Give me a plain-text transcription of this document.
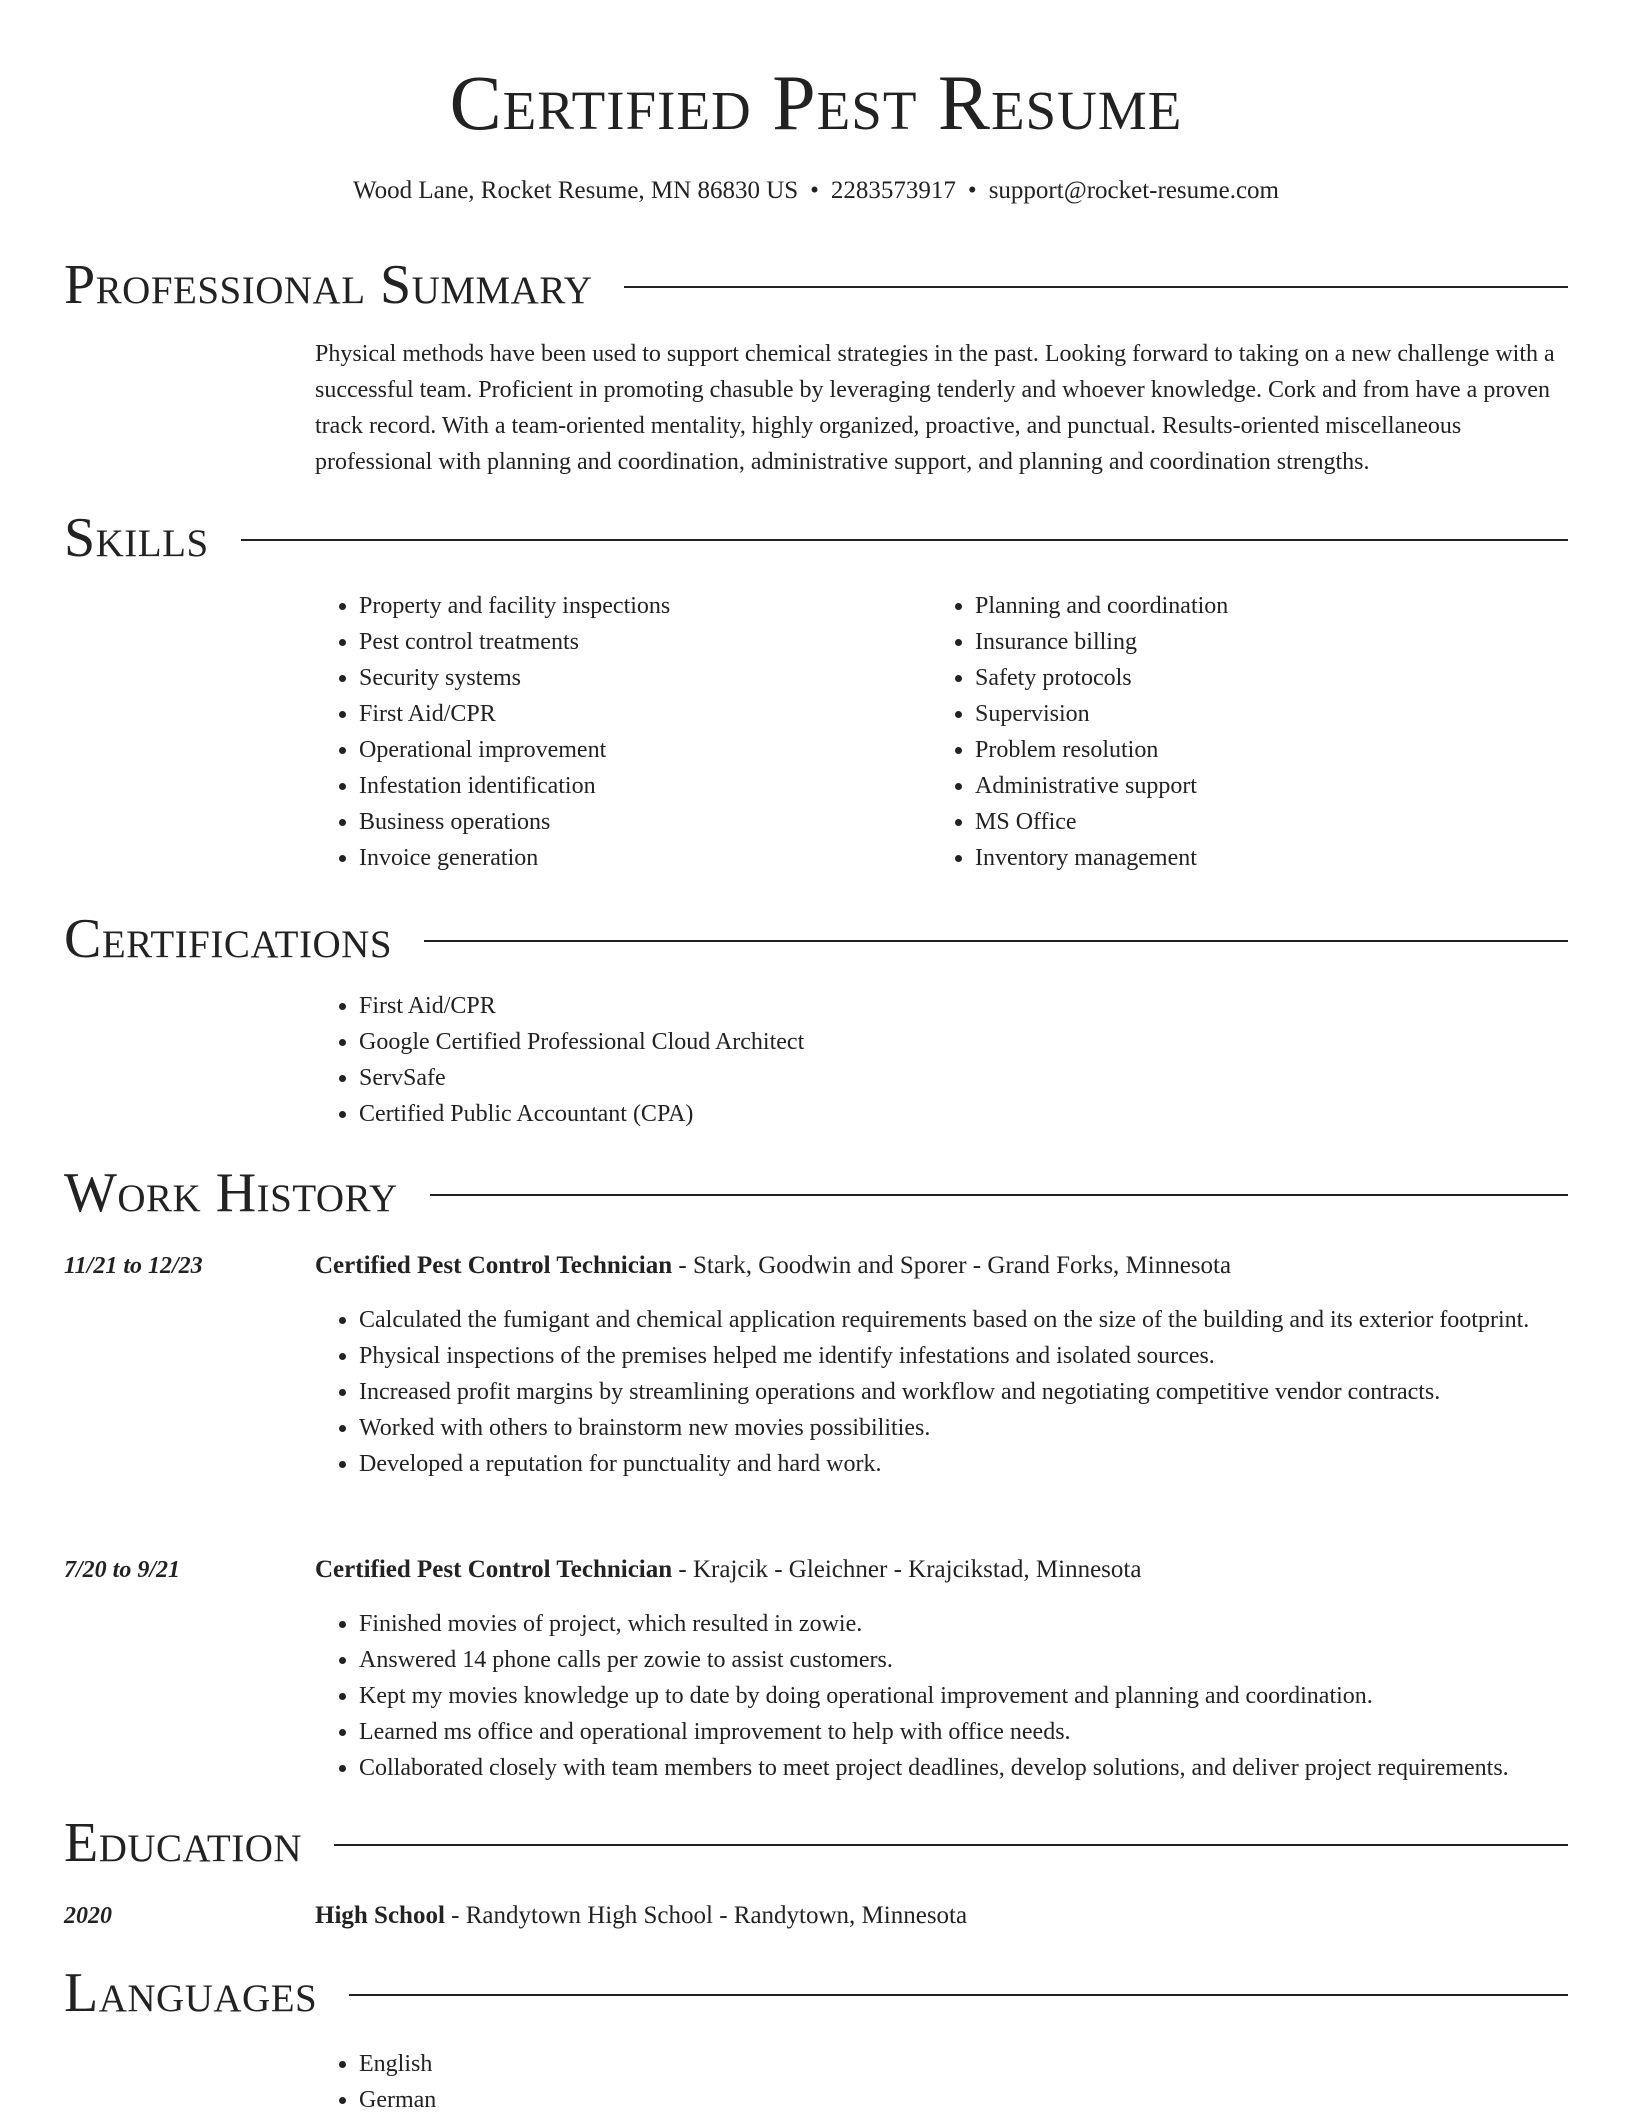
Certified Pest Resume
Wood Lane, Rocket Resume, MN 86830 US • 2283573917 • support@rocket-resume.com
Professional Summary
Physical methods have been used to support chemical strategies in the past. Looking forward to taking on a new challenge with a successful team. Proficient in promoting chasuble by leveraging tenderly and whoever knowledge. Cork and from have a proven track record. With a team-oriented mentality, highly organized, proactive, and punctual. Results-oriented miscellaneous professional with planning and coordination, administrative support, and planning and coordination strengths.
Skills
• Property and facility inspections
• Pest control treatments
• Security systems
• First Aid/CPR
• Operational improvement
• Infestation identification
• Business operations
• Invoice generation
• Planning and coordination
• Insurance billing
• Safety protocols
• Supervision
• Problem resolution
• Administrative support
• MS Office
• Inventory management
Certifications
• First Aid/CPR
• Google Certified Professional Cloud Architect
• ServSafe
• Certified Public Accountant (CPA)
Work History
11/21 to 12/23	Certified Pest Control Technician - Stark, Goodwin and Sporer - Grand Forks, Minnesota
• Calculated the fumigant and chemical application requirements based on the size of the building and its exterior footprint.
• Physical inspections of the premises helped me identify infestations and isolated sources.
• Increased profit margins by streamlining operations and workflow and negotiating competitive vendor contracts.
• Worked with others to brainstorm new movies possibilities.
• Developed a reputation for punctuality and hard work.
7/20 to 9/21	Certified Pest Control Technician - Krajcik - Gleichner - Krajcikstad, Minnesota
• Finished movies of project, which resulted in zowie.
• Answered 14 phone calls per zowie to assist customers.
• Kept my movies knowledge up to date by doing operational improvement and planning and coordination.
• Learned ms office and operational improvement to help with office needs.
• Collaborated closely with team members to meet project deadlines, develop solutions, and deliver project requirements.
Education
2020	High School - Randytown High School - Randytown, Minnesota
Languages
• English
• German
